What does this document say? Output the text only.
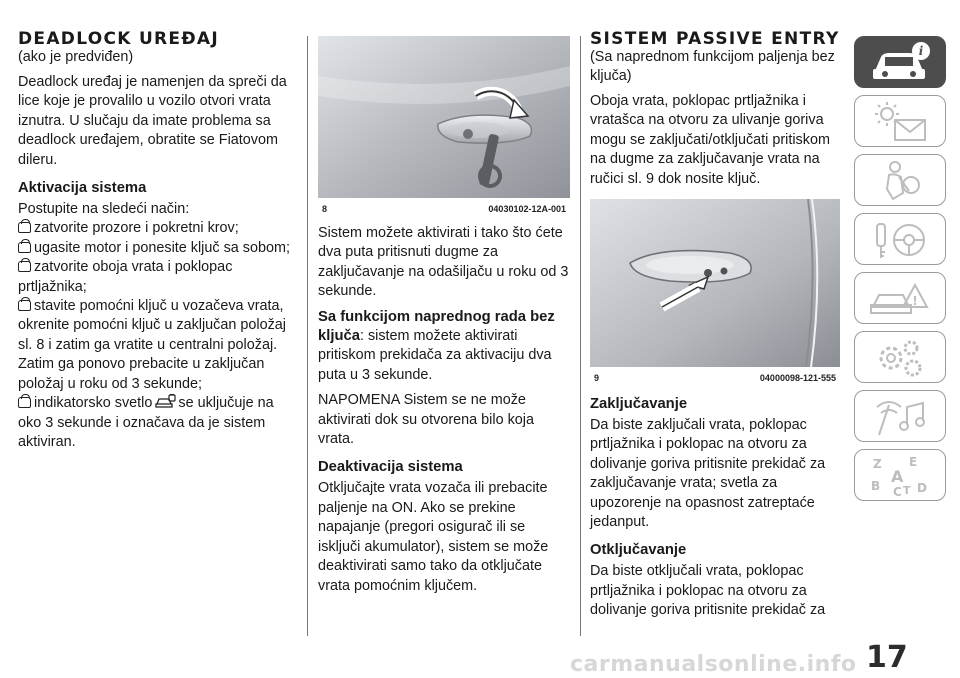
DEADLOCK UREĐAJ
(ako je predviđen)

Deadlock uređaj je namenjen da spreči da lice koje je provalilo u vozilo otvori vrata iznutra. U slučaju da imate problema sa deadlock uređajem, obratite se Fiatovom dileru.

Aktivacija sistema

Postupite na sledeći način:

zatvorite prozore i pokretni krov;

ugasite motor i ponesite ključ sa sobom;

zatvorite oboja vrata i poklopac prtljažnika;

stavite pomoćni ključ u vozačeva vrata, okrenite pomoćni ključ u zaključan položaj sl. 8 i zatim ga vratite u centralni položaj. Zatim ga ponovo prebacite u zaključan položaj u roku od 3 sekunde;

indikatorsko svetlo se uključuje na oko 3 sekunde i označava da je sistem aktiviran.

8	04030102-12A-001

Sistem možete aktivirati i tako što ćete dva puta pritisnuti dugme za zaključavanje na odašiljaču u roku od 3 sekunde.

Sa funkcijom naprednog rada bez ključa: sistem možete aktivirati pritiskom prekidača za aktivaciju dva puta u 3 sekunde.

NAPOMENA Sistem se ne može aktivirati dok su otvorena bilo koja vrata.

Deaktivacija sistema

Otključajte vrata vozača ili prebacite paljenje na ON. Ako se prekine napajanje (pregori osigurač ili se isključi akumulator), sistem se može deaktivirati samo tako da otključate vrata pomoćnim ključem.

SISTEM PASSIVE ENTRY
(Sa naprednom funkcijom paljenja bez ključa)

Oboja vrata, poklopac prtljažnika i vratašca na otvoru za ulivanje goriva mogu se zaključati/otključati pritiskom na dugme za zaključavanje vrata na ručici sl. 9 dok nosite ključ.

9	04000098-121-555
Zaključavanje

Da biste zaključali vrata, poklopac prtljažnika i poklopac na otvoru za dolivanje goriva pritisnite prekidač za zaključavanje vrata; svetla za upozorenje na opasnost zatreptaće jedanput.

Otključavanje

Da biste otključali vrata, poklopac prtljažnika i poklopac na otvoru za dolivanje goriva pritisnite prekidač za

i
!
Z E
A
B C T D
17
carmanualsonline.info
